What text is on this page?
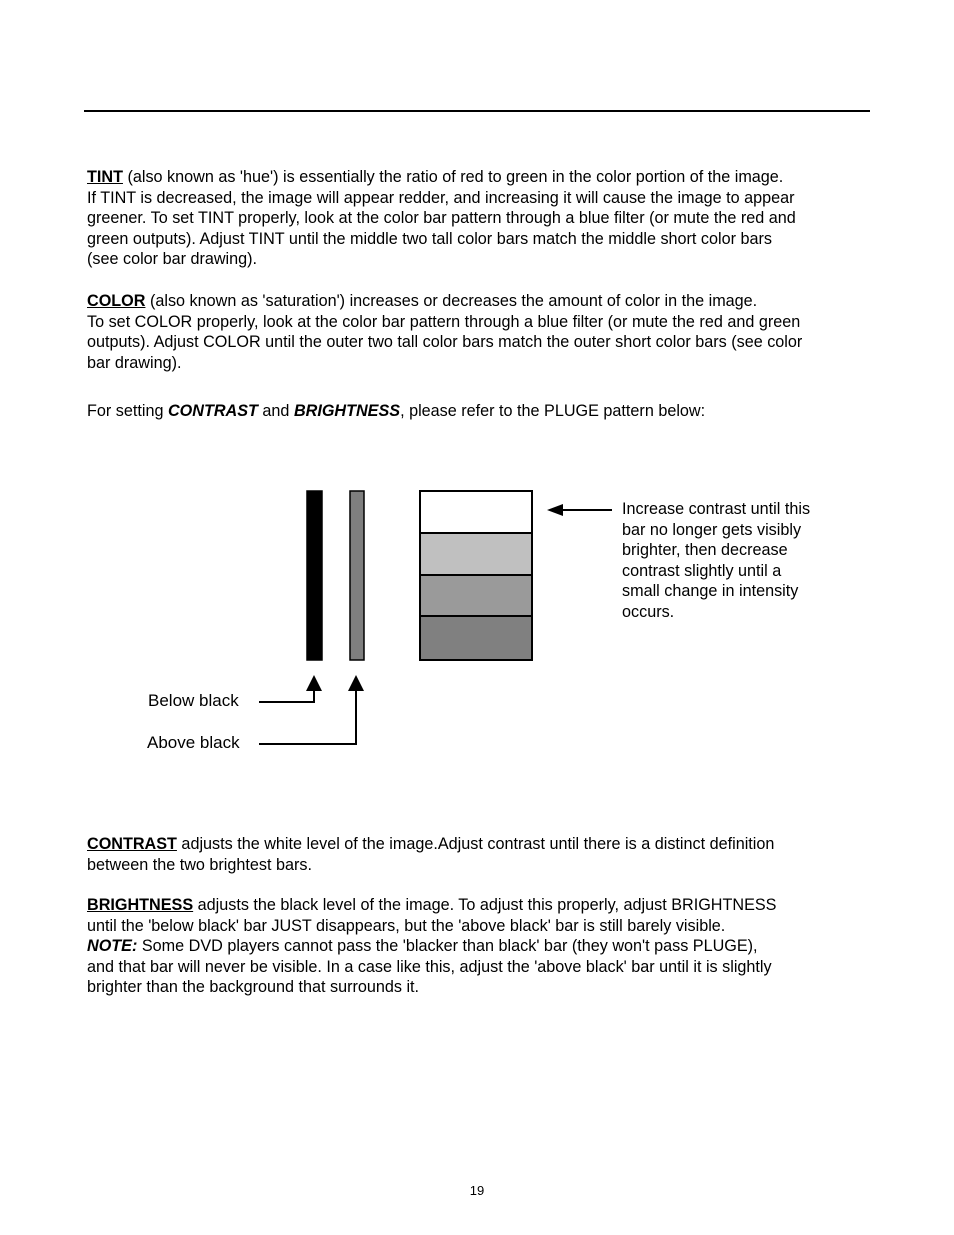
TINT (also known as 'hue') is essentially the ratio of red to green in the color portion of the image.
If TINT is decreased, the image will appear redder, and increasing it will cause the image to appear
greener. To set TINT properly, look at the color bar pattern through a blue filter (or mute the red and
green outputs). Adjust TINT until the middle two tall color bars match the middle short color bars
(see color bar drawing).
COLOR (also known as 'saturation') increases or decreases the amount of color in the image.
To set COLOR properly, look at the color bar pattern through a blue filter (or mute the red and green
outputs). Adjust COLOR until the outer two tall color bars match the outer short color bars (see color
bar drawing).
For setting CONTRAST and BRIGHTNESS, please refer to the PLUGE pattern below:
Increase contrast until this
bar no longer gets visibly
brighter, then decrease
contrast slightly until a
small change in intensity
occurs.
Below black
Above black
CONTRAST adjusts the white level of the image.Adjust contrast until there is a distinct definition
between the two brightest bars.
BRIGHTNESS adjusts the black level of the image. To adjust this properly, adjust BRIGHTNESS
until the 'below black' bar JUST disappears, but the 'above black' bar is still barely visible.
NOTE: Some DVD players cannot pass the 'blacker than black' bar (they won't pass PLUGE),
and that bar will never be visible. In a case like this, adjust the 'above black' bar until it is slightly
brighter than the background that surrounds it.
19
